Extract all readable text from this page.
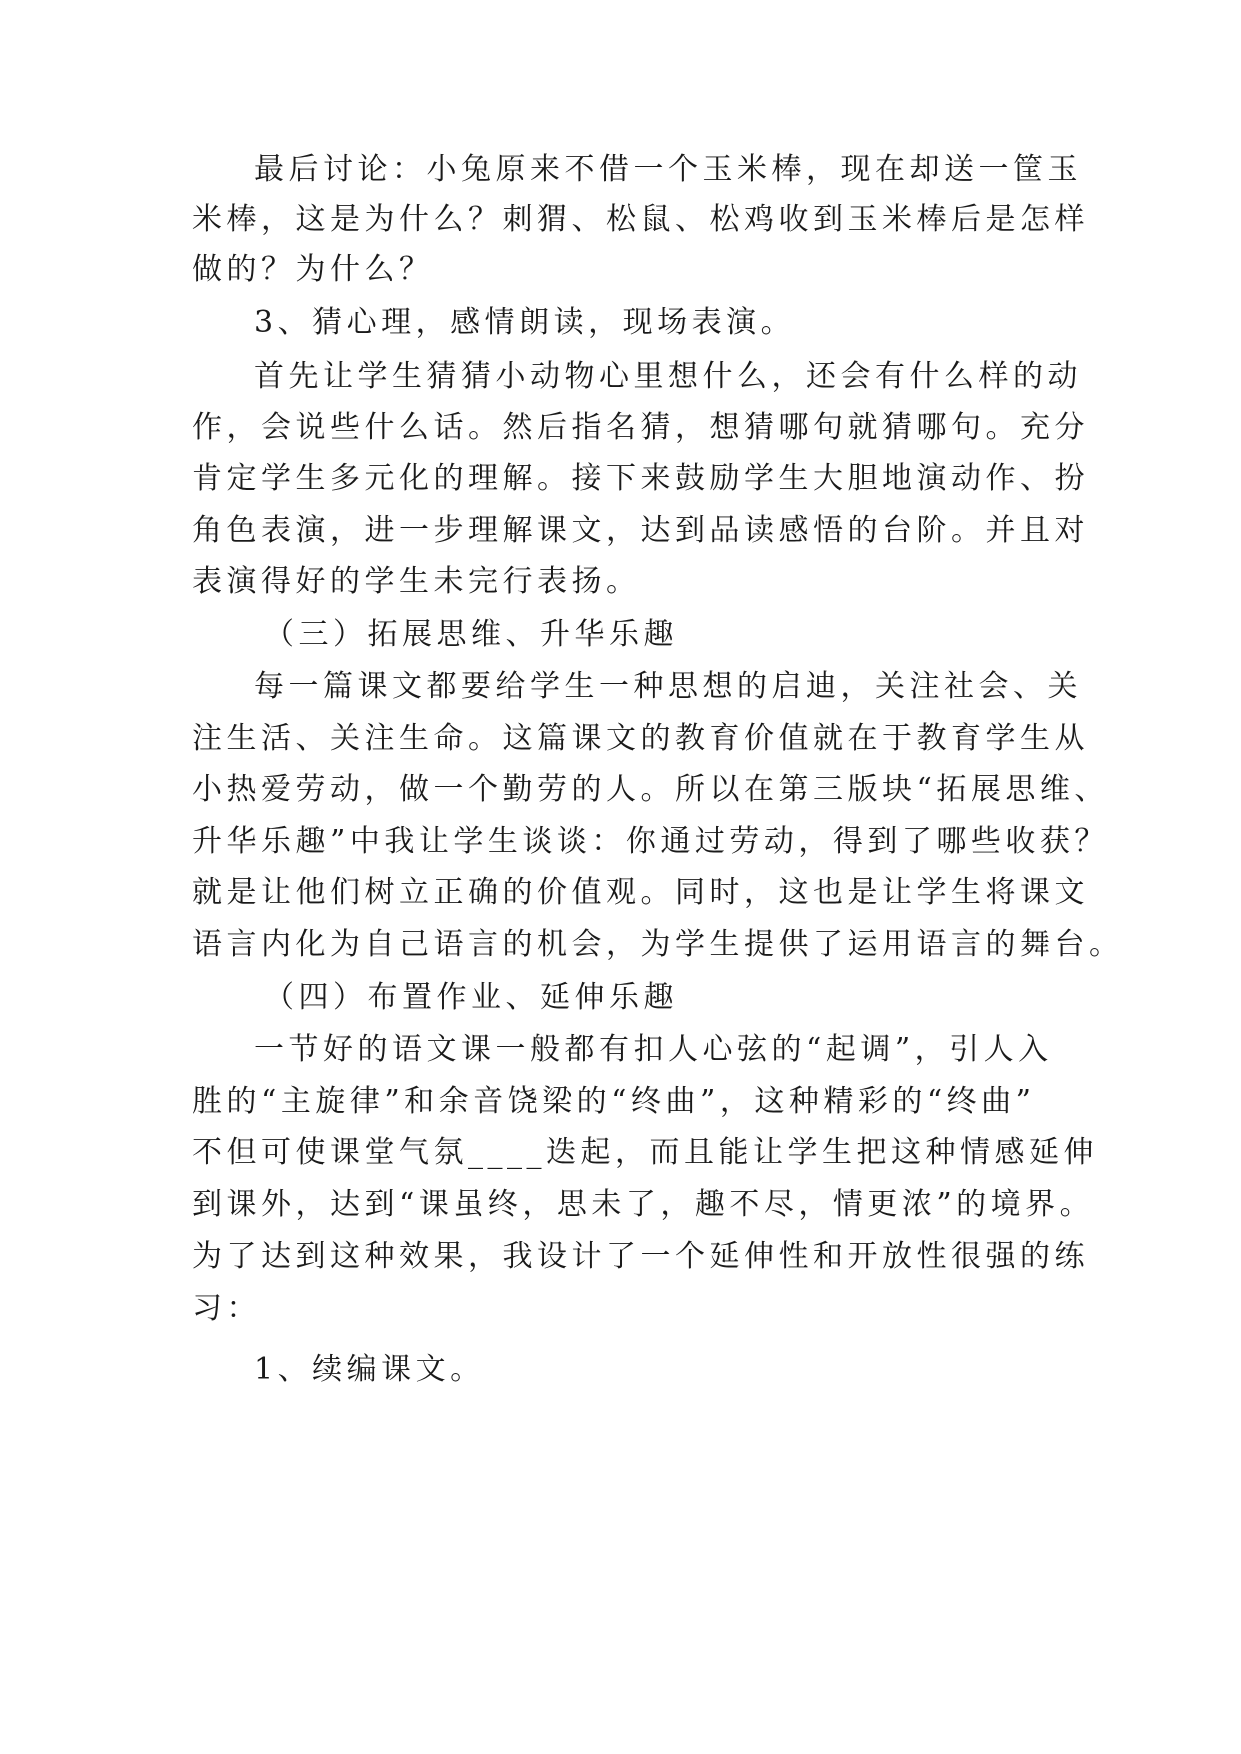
最后讨论：小兔原来不借一个玉米棒，现在却送一筐玉

米棒，这是为什么？刺猬、松鼠、松鸡收到玉米棒后是怎样

做的？为什么？

3、猜心理，感情朗读，现场表演。

首先让学生猜猜小动物心里想什么，还会有什么样的动

作，会说些什么话。然后指名猜，想猜哪句就猜哪句。充分

肯定学生多元化的理解。接下来鼓励学生大胆地演动作、扮

角色表演，进一步理解课文，达到品读感悟的台阶。并且对

表演得好的学生未完行表扬。

（三）拓展思维、升华乐趣

每一篇课文都要给学生一种思想的启迪，关注社会、关

注生活、关注生命。这篇课文的教育价值就在于教育学生从

小热爱劳动，做一个勤劳的人。所以在第三版块“拓展思维、

升华乐趣”中我让学生谈谈：你通过劳动，得到了哪些收获？

就是让他们树立正确的价值观。同时，这也是让学生将课文

语言内化为自己语言的机会，为学生提供了运用语言的舞台。

（四）布置作业、延伸乐趣

一节好的语文课一般都有扣人心弦的“起调”，引人入

胜的“主旋律”和余音饶梁的“终曲”，这种精彩的“终曲”

不但可使课堂气氛____迭起，而且能让学生把这种情感延伸

到课外，达到“课虽终，思未了，趣不尽，情更浓”的境界。

为了达到这种效果，我设计了一个延伸性和开放性很强的练

习：

1、续编课文。
